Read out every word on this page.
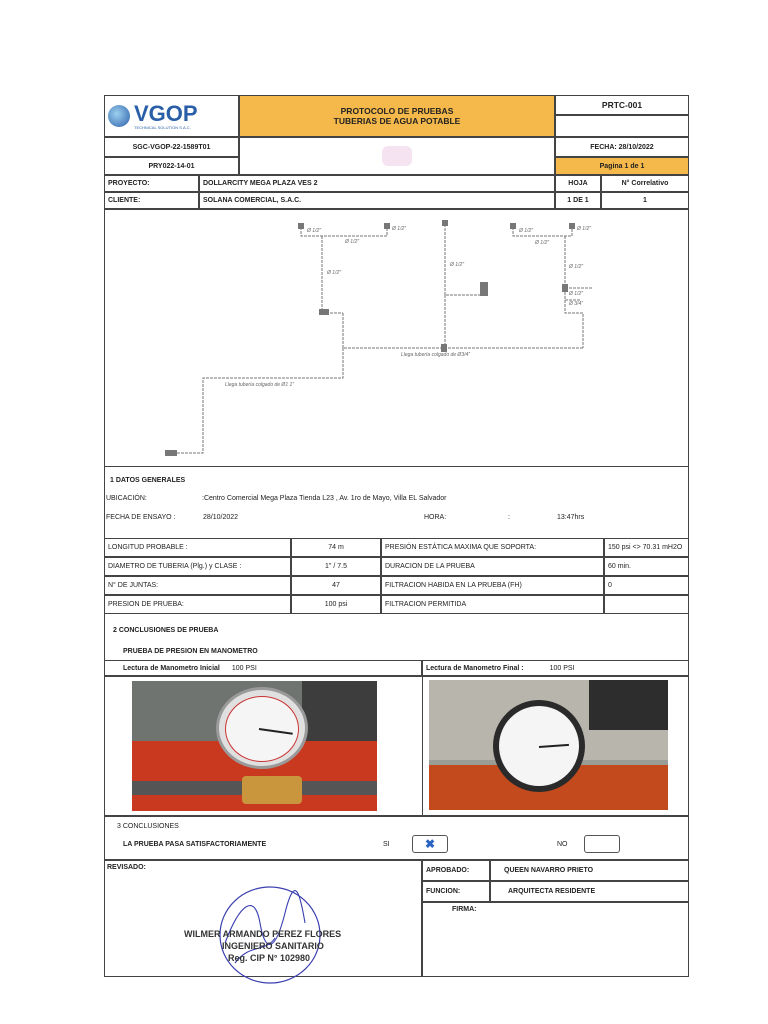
VGOP
TECHNICAL SOLUTION S.A.C.
PROTOCOLO DE PRUEBAS
TUBERIAS DE AGUA POTABLE
PRTC-001
SGC-VGOP-22-1589T01
PRY022-14-01
FECHA: 28/10/2022
Pagina 1 de 1
PROYECTO:	DOLLARCITY MEGA PLAZA VES 2	HOJA	N° Correlativo
CLIENTE:	SOLANA COMERCIAL, S.A.C.	1 DE 1	1
Ø 1/2"
Ø 1/2"
Ø 1/2"
Ø 1/2"
Ø 1/2"
Ø 1/2"
Ø 1/2"
Ø 1/2"
Ø 1/2"
Ø 1/2"
Ø 3/4"
Llega tubería colgado de Ø3/4"
Llega tubería colgado de Ø1 1"
1 DATOS GENERALES
UBICACIÓN:	:Centro Comercial Mega Plaza Tienda L23 , Av. 1ro de Mayo, Villa EL Salvador
FECHA DE ENSAYO :	28/10/2022	HORA:	:	13:47hrs
LONGITUD PROBABLE :	74 m	PRESIÓN ESTÁTICA MAXIMA QUE SOPORTA:	150 psi <> 70.31 mH2O
DIAMETRO DE TUBERIA (Plg.) y CLASE :	1" / 7.5	DURACION DE LA PRUEBA	60 min.
N° DE JUNTAS:	47	FILTRACION HABIDA EN LA PRUEBA (FH)	0
PRESION DE PRUEBA:	100 psi	FILTRACION PERMITIDA
2 CONCLUSIONES DE PRUEBA
PRUEBA DE PRESION EN MANOMETRO
Lectura de Manometro Inicial 100 PSI	Lectura de Manometro Final :	100 PSI
3 CONCLUSIONES
LA PRUEBA PASA SATISFACTORIAMENTE	SI	✖	NO
REVISADO:	APROBADO:	QUEEN NAVARRO PRIETO
FUNCION:	ARQUITECTA RESIDENTE
FIRMA:
WILMER ARMANDO PEREZ FLORES
INGENIERO SANITARIO
Reg. CIP N° 102980
